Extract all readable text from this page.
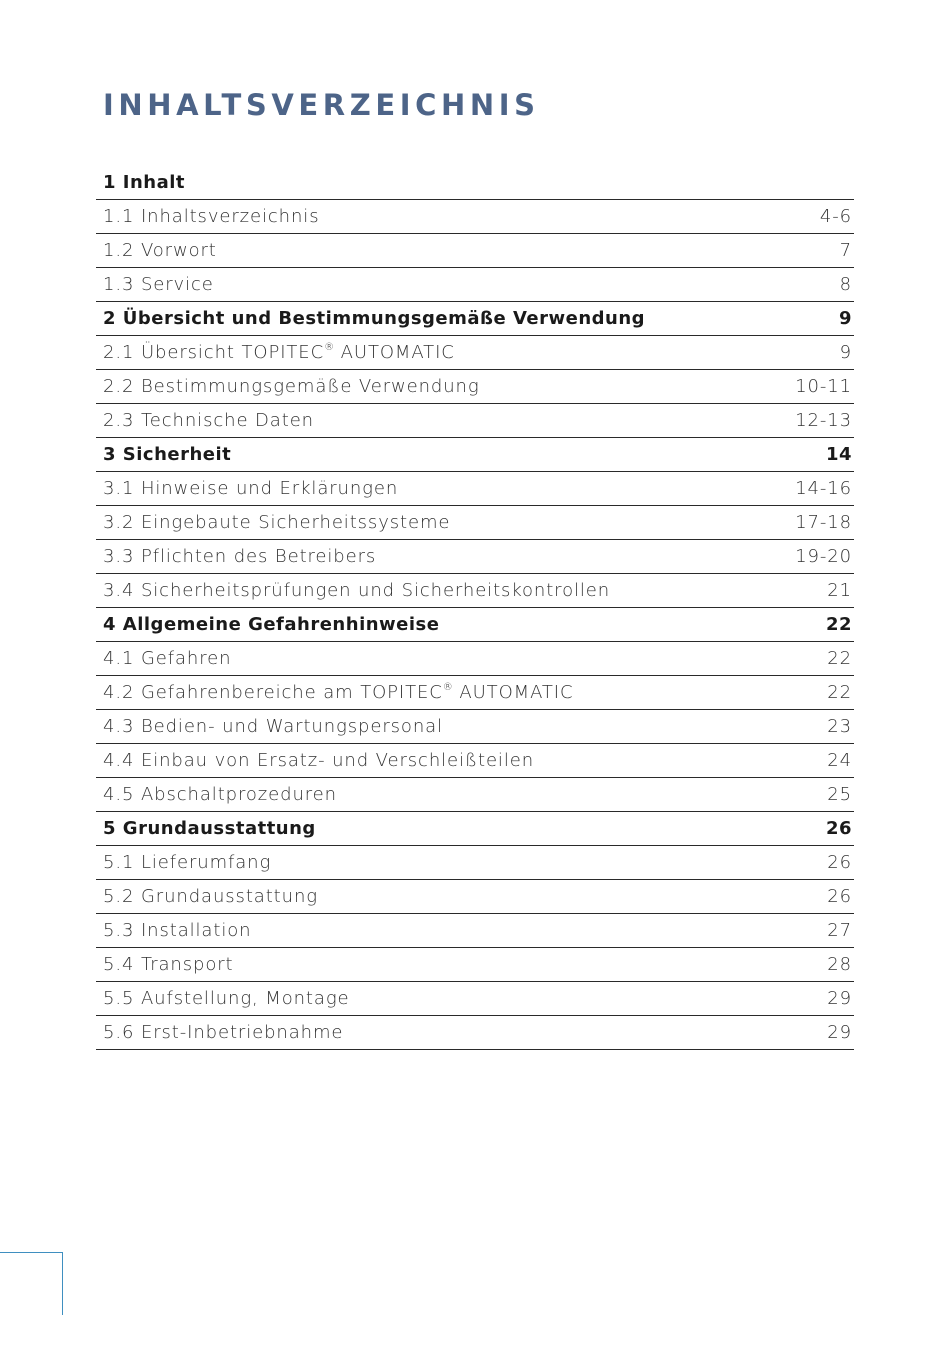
INHALTSVERZEICHNIS
1 Inhalt
1.1 Inhaltsverzeichnis	4-6
1.2 Vorwort	7
1.3 Service	8
2 Übersicht und Bestimmungsgemäße Verwendung	9
2.1 Übersicht TOPITEC® AUTOMATIC	9
2.2 Bestimmungsgemäße Verwendung	10-11
2.3 Technische Daten	12-13
3 Sicherheit	14
3.1 Hinweise und Erklärungen	14-16
3.2 Eingebaute Sicherheitssysteme	17-18
3.3 Pflichten des Betreibers	19-20
3.4 Sicherheitsprüfungen und Sicherheitskontrollen	21
4 Allgemeine Gefahrenhinweise	22
4.1 Gefahren	22
4.2 Gefahrenbereiche am TOPITEC® AUTOMATIC	22
4.3 Bedien- und Wartungspersonal	23
4.4 Einbau von Ersatz- und Verschleißteilen	24
4.5 Abschaltprozeduren	25
5 Grundausstattung	26
5.1 Lieferumfang	26
5.2 Grundausstattung	26
5.3 Installation	27
5.4 Transport	28
5.5 Aufstellung, Montage	29
5.6 Erst-Inbetriebnahme	29
